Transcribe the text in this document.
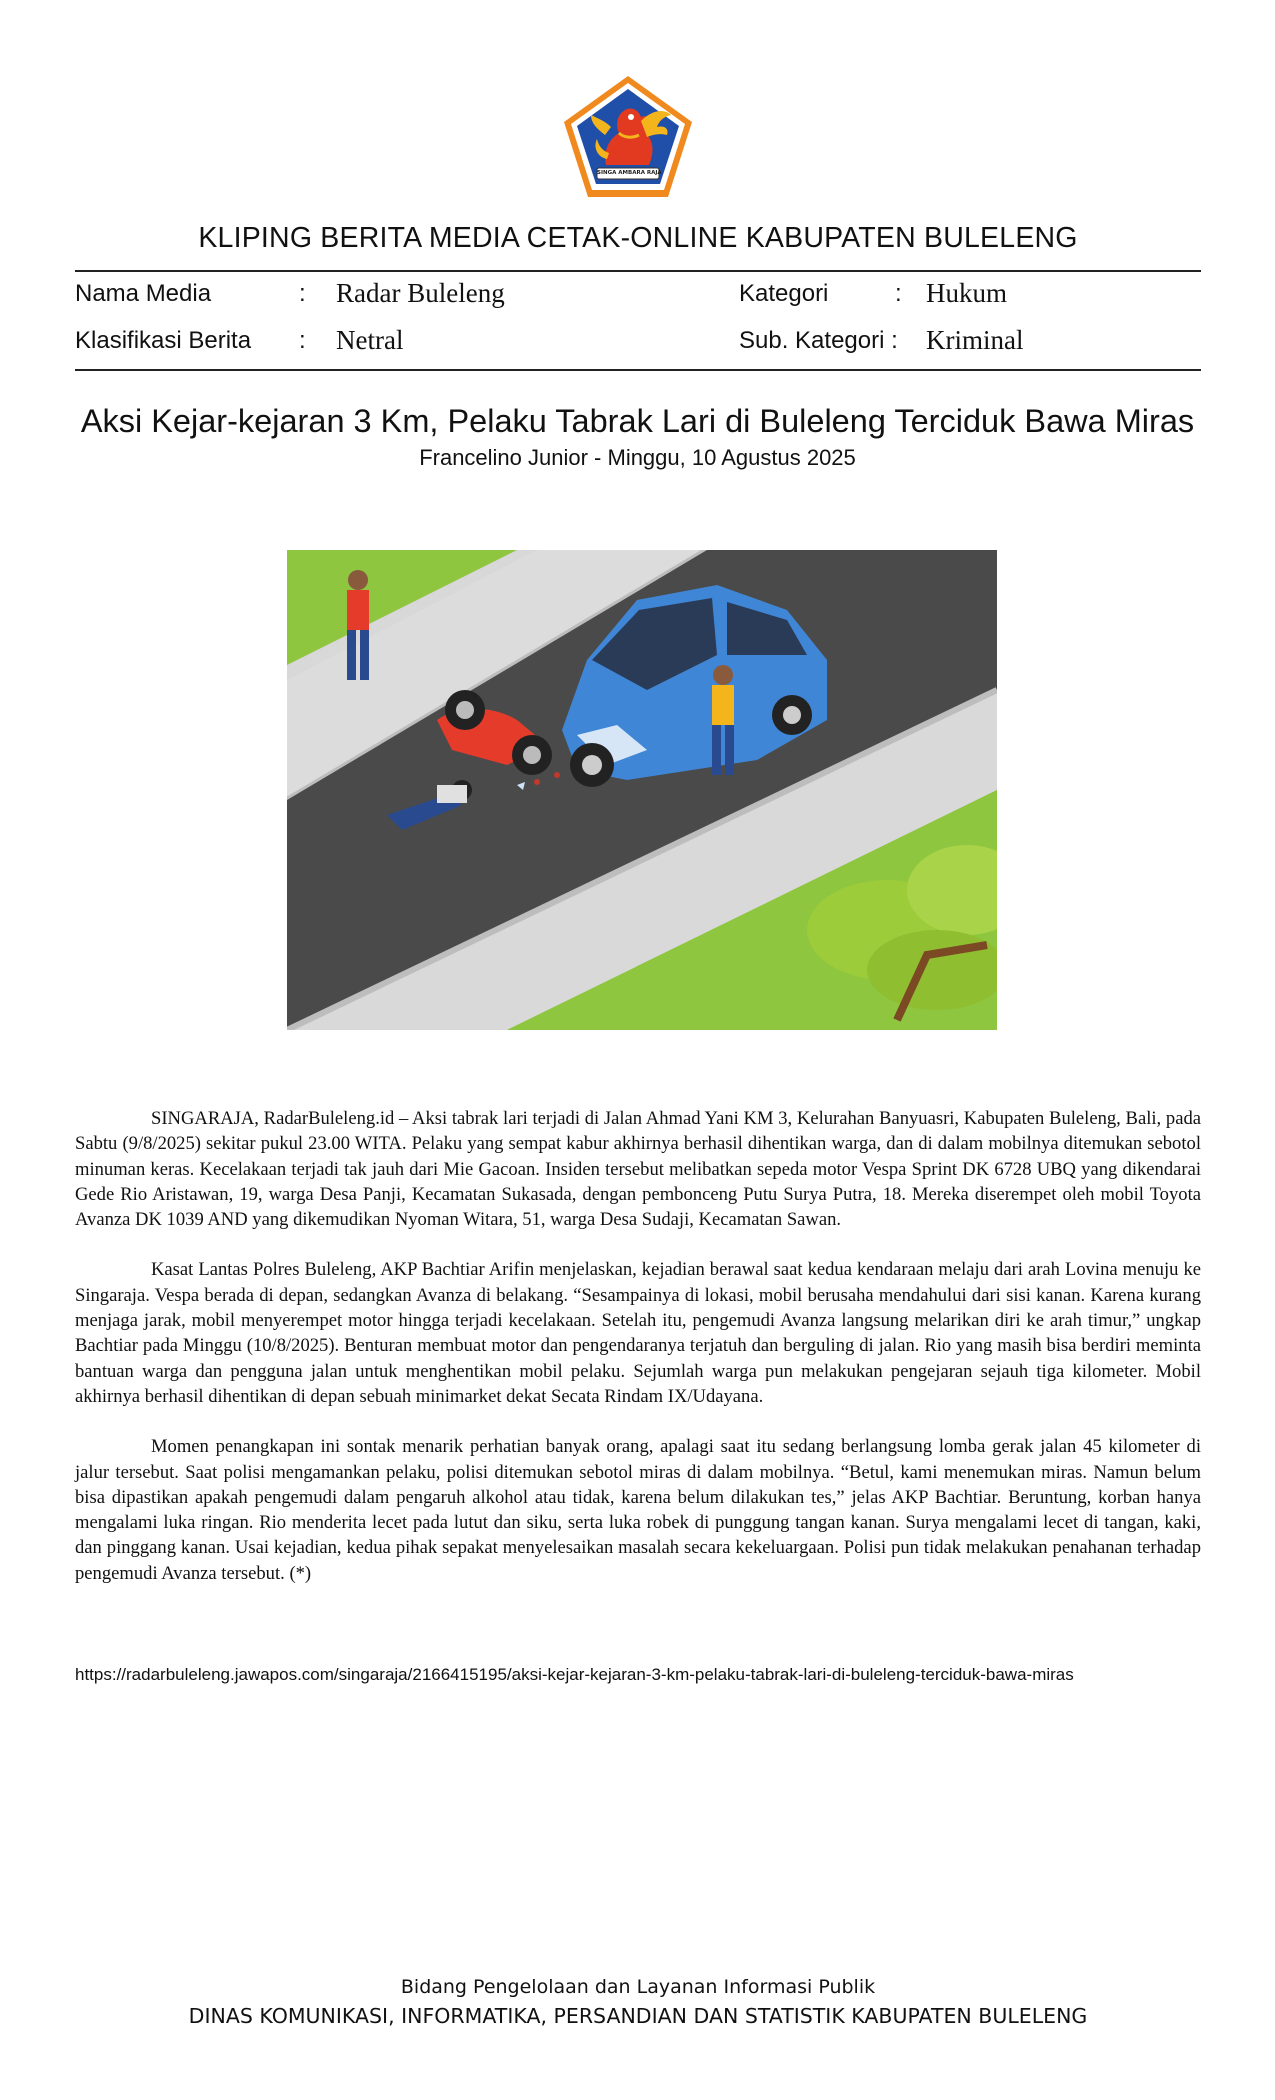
SINGA AMBARA RAJA
KLIPING BERITA MEDIA CETAK-ONLINE KABUPATEN BULELENG
Nama Media	: Radar Buleleng	Kategori	: Hukum
Klasifikasi Berita : Netral	Sub. Kategori : Kriminal
Aksi Kejar-kejaran 3 Km, Pelaku Tabrak Lari di Buleleng Terciduk Bawa Miras
Francelino Junior - Minggu, 10 Agustus 2025

SINGARAJA, RadarBuleleng.id – Aksi tabrak lari terjadi di Jalan Ahmad Yani KM 3, Kelurahan Banyuasri, Kabupaten Buleleng, Bali, pada Sabtu (9/8/2025) sekitar pukul 23.00 WITA. Pelaku yang sempat kabur akhirnya berhasil dihentikan warga, dan di dalam mobilnya ditemukan sebotol minuman keras. Kecelakaan terjadi tak jauh dari Mie Gacoan. Insiden tersebut melibatkan sepeda motor Vespa Sprint DK 6728 UBQ yang dikendarai Gede Rio Aristawan, 19, warga Desa Panji, Kecamatan Sukasada, dengan pembonceng Putu Surya Putra, 18. Mereka diserempet oleh mobil Toyota Avanza DK 1039 AND yang dikemudikan Nyoman Witara, 51, warga Desa Sudaji, Kecamatan Sawan.

Kasat Lantas Polres Buleleng, AKP Bachtiar Arifin menjelaskan, kejadian berawal saat kedua kendaraan melaju dari arah Lovina menuju ke Singaraja. Vespa berada di depan, sedangkan Avanza di belakang. “Sesampainya di lokasi, mobil berusaha mendahului dari sisi kanan. Karena kurang menjaga jarak, mobil menyerempet motor hingga terjadi kecelakaan. Setelah itu, pengemudi Avanza langsung melarikan diri ke arah timur,” ungkap Bachtiar pada Minggu (10/8/2025). Benturan membuat motor dan pengendaranya terjatuh dan berguling di jalan. Rio yang masih bisa berdiri meminta bantuan warga dan pengguna jalan untuk menghentikan mobil pelaku. Sejumlah warga pun melakukan pengejaran sejauh tiga kilometer. Mobil akhirnya berhasil dihentikan di depan sebuah minimarket dekat Secata Rindam IX/Udayana.

Momen penangkapan ini sontak menarik perhatian banyak orang, apalagi saat itu sedang berlangsung lomba gerak jalan 45 kilometer di jalur tersebut. Saat polisi mengamankan pelaku, polisi ditemukan sebotol miras di dalam mobilnya. “Betul, kami menemukan miras. Namun belum bisa dipastikan apakah pengemudi dalam pengaruh alkohol atau tidak, karena belum dilakukan tes,” jelas AKP Bachtiar. Beruntung, korban hanya mengalami luka ringan. Rio menderita lecet pada lutut dan siku, serta luka robek di punggung tangan kanan. Surya mengalami lecet di tangan, kaki, dan pinggang kanan. Usai kejadian, kedua pihak sepakat menyelesaikan masalah secara kekeluargaan. Polisi pun tidak melakukan penahanan terhadap pengemudi Avanza tersebut. (*)

https://radarbuleleng.jawapos.com/singaraja/2166415195/aksi-kejar-kejaran-3-km-pelaku-tabrak-lari-di-buleleng-terciduk-bawa-miras
Bidang Pengelolaan dan Layanan Informasi Publik
DINAS KOMUNIKASI, INFORMATIKA, PERSANDIAN DAN STATISTIK KABUPATEN BULELENG
